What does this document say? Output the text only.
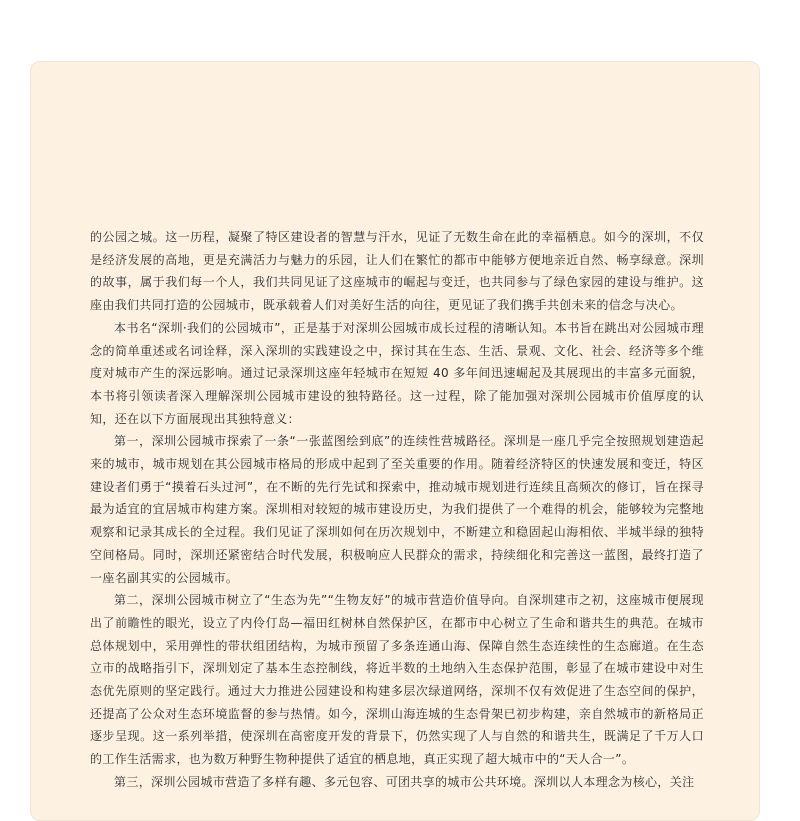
的公园之城。这一历程，凝聚了特区建设者的智慧与汗水，见证了无数生命在此的幸福栖息。如今的深圳，不仅是经济发展的高地，更是充满活力与魅力的乐园，让人们在繁忙的都市中能够方便地亲近自然、畅享绿意。深圳的故事，属于我们每一个人，我们共同见证了这座城市的崛起与变迁，也共同参与了绿色家园的建设与维护。这座由我们共同打造的公园城市，既承载着人们对美好生活的向往，更见证了我们携手共创未来的信念与决心。

本书名“深圳·我们的公园城市”，正是基于对深圳公园城市成长过程的清晰认知。本书旨在跳出对公园城市理念的简单重述或名词诠释，深入深圳的实践建设之中，探讨其在生态、生活、景观、文化、社会、经济等多个维度对城市产生的深远影响。通过记录深圳这座年轻城市在短短 40 多年间迅速崛起及其展现出的丰富多元面貌，本书将引领读者深入理解深圳公园城市建设的独特路径。这一过程，除了能加强对深圳公园城市价值厚度的认知，还在以下方面展现出其独特意义：

第一，深圳公园城市探索了一条“一张蓝图绘到底”的连续性营城路径。深圳是一座几乎完全按照规划建造起来的城市，城市规划在其公园城市格局的形成中起到了至关重要的作用。随着经济特区的快速发展和变迁，特区建设者们勇于“摸着石头过河”，在不断的先行先试和探索中，推动城市规划进行连续且高频次的修订，旨在探寻最为适宜的宜居城市构建方案。深圳相对较短的城市建设历史，为我们提供了一个难得的机会，能够较为完整地观察和记录其成长的全过程。我们见证了深圳如何在历次规划中，不断建立和稳固起山海相依、半城半绿的独特空间格局。同时，深圳还紧密结合时代发展，积极响应人民群众的需求，持续细化和完善这一蓝图，最终打造了一座名副其实的公园城市。

第二，深圳公园城市树立了“生态为先”“生物友好”的城市营造价值导向。自深圳建市之初，这座城市便展现出了前瞻性的眼光，设立了内伶仃岛—福田红树林自然保护区，在都市中心树立了生命和谐共生的典范。在城市总体规划中，采用弹性的带状组团结构，为城市预留了多条连通山海、保障自然生态连续性的生态廊道。在生态立市的战略指引下，深圳划定了基本生态控制线，将近半数的土地纳入生态保护范围，彰显了在城市建设中对生态优先原则的坚定践行。通过大力推进公园建设和构建多层次绿道网络，深圳不仅有效促进了生态空间的保护，还提高了公众对生态环境监督的参与热情。如今，深圳山海连城的生态骨架已初步构建，亲自然城市的新格局正逐步呈现。这一系列举措，使深圳在高密度开发的背景下，仍然实现了人与自然的和谐共生，既满足了千万人口的工作生活需求，也为数万种野生物种提供了适宜的栖息地，真正实现了超大城市中的“天人合一”。

第三，深圳公园城市营造了多样有趣、多元包容、可团共享的城市公共环境。深圳以人本理念为核心，关注
